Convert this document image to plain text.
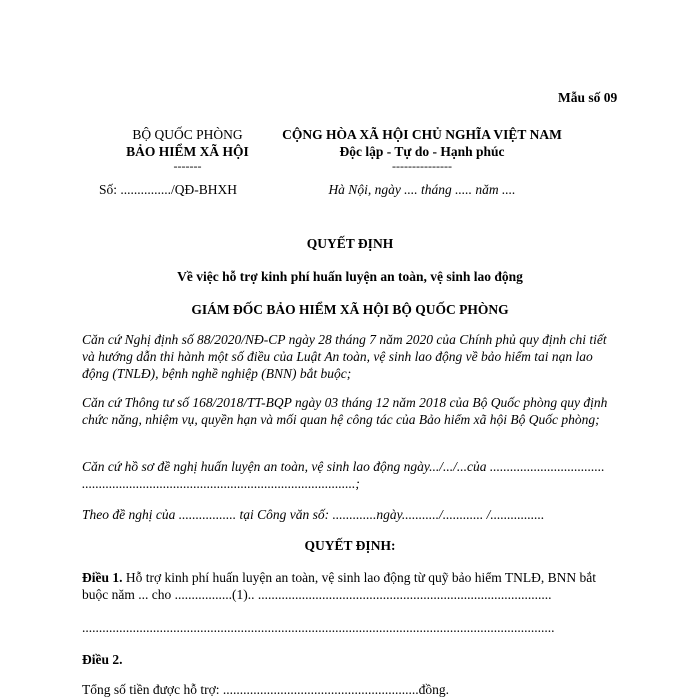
Mẫu số 09
BỘ QUỐC PHÒNG
BẢO HIỂM XÃ HỘI
-------
Số: .............../QĐ-BHXH
CỘNG HÒA XÃ HỘI CHỦ NGHĨA VIỆT NAM
Độc lập - Tự do - Hạnh phúc
---------------
Hà Nội, ngày .... tháng ..... năm ....
QUYẾT ĐỊNH
Về việc hỗ trợ kinh phí huấn luyện an toàn, vệ sinh lao động
GIÁM ĐỐC BẢO HIỂM XÃ HỘI BỘ QUỐC PHÒNG
Căn cứ Nghị định số 88/2020/NĐ-CP ngày 28 tháng 7 năm 2020 của Chính phủ quy định chi tiết và hướng dẫn thi hành một số điều của Luật An toàn, vệ sinh lao động về bảo hiểm tai nạn lao động (TNLĐ), bệnh nghề nghiệp (BNN) bắt buộc;
Căn cứ Thông tư số 168/2018/TT-BQP ngày 03 tháng 12 năm 2018 của Bộ Quốc phòng quy định chức năng, nhiệm vụ, quyền hạn và mối quan hệ công tác của Bảo hiểm xã hội Bộ Quốc phòng;
Căn cứ hồ sơ đề nghị huấn luyện an toàn, vệ sinh lao động ngày.../.../...của .................................. .................................................................................;
Theo đề nghị của ................. tại Công văn số: .............ngày.........../............ /................
QUYẾT ĐỊNH:
Điều 1. Hỗ trợ kinh phí huấn luyện an toàn, vệ sinh lao động từ quỹ bảo hiểm TNLĐ, BNN bắt buộc năm ... cho .................(1).. .......................................................................................
............................................................................................................................................
Điều 2.
Tổng số tiền được hỗ trợ: ..........................................................đồng.
